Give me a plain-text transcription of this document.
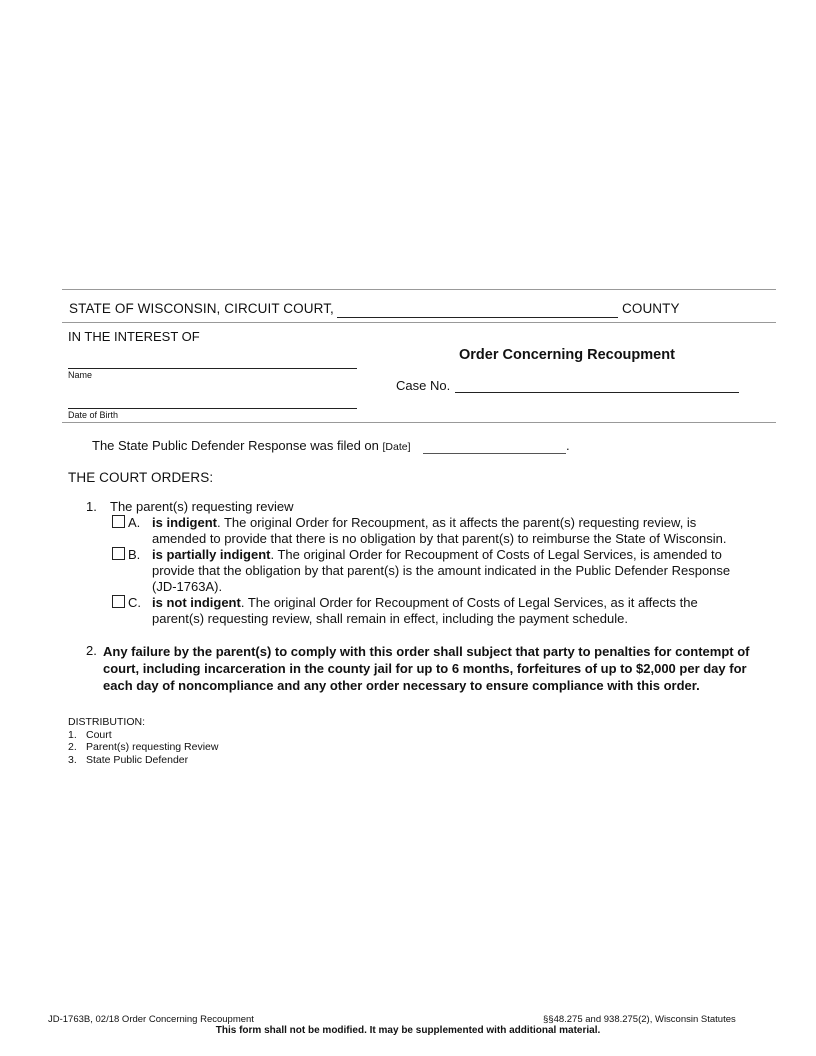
STATE OF WISCONSIN, CIRCUIT COURT,	COUNTY
IN THE INTEREST OF
Name
Date of Birth
Order Concerning Recoupment
Case No.
The State Public Defender Response was filed on [Date]	.
THE COURT ORDERS:
1. The parent(s) requesting review
A. is indigent. The original Order for Recoupment, as it affects the parent(s) requesting review, is amended to provide that there is no obligation by that parent(s) to reimburse the State of Wisconsin.
B. is partially indigent. The original Order for Recoupment of Costs of Legal Services, is amended to provide that the obligation by that parent(s) is the amount indicated in the Public Defender Response (JD-1763A).
C. is not indigent. The original Order for Recoupment of Costs of Legal Services, as it affects the parent(s) requesting review, shall remain in effect, including the payment schedule.
2. Any failure by the parent(s) to comply with this order shall subject that party to penalties for contempt of court, including incarceration in the county jail for up to 6 months, forfeitures of up to $2,000 per day for each day of noncompliance and any other order necessary to ensure compliance with this order.
DISTRIBUTION:
1. Court
2. Parent(s) requesting Review
3. State Public Defender
JD-1763B, 02/18 Order Concerning Recoupment	§§48.275 and 938.275(2), Wisconsin Statutes
This form shall not be modified. It may be supplemented with additional material.
